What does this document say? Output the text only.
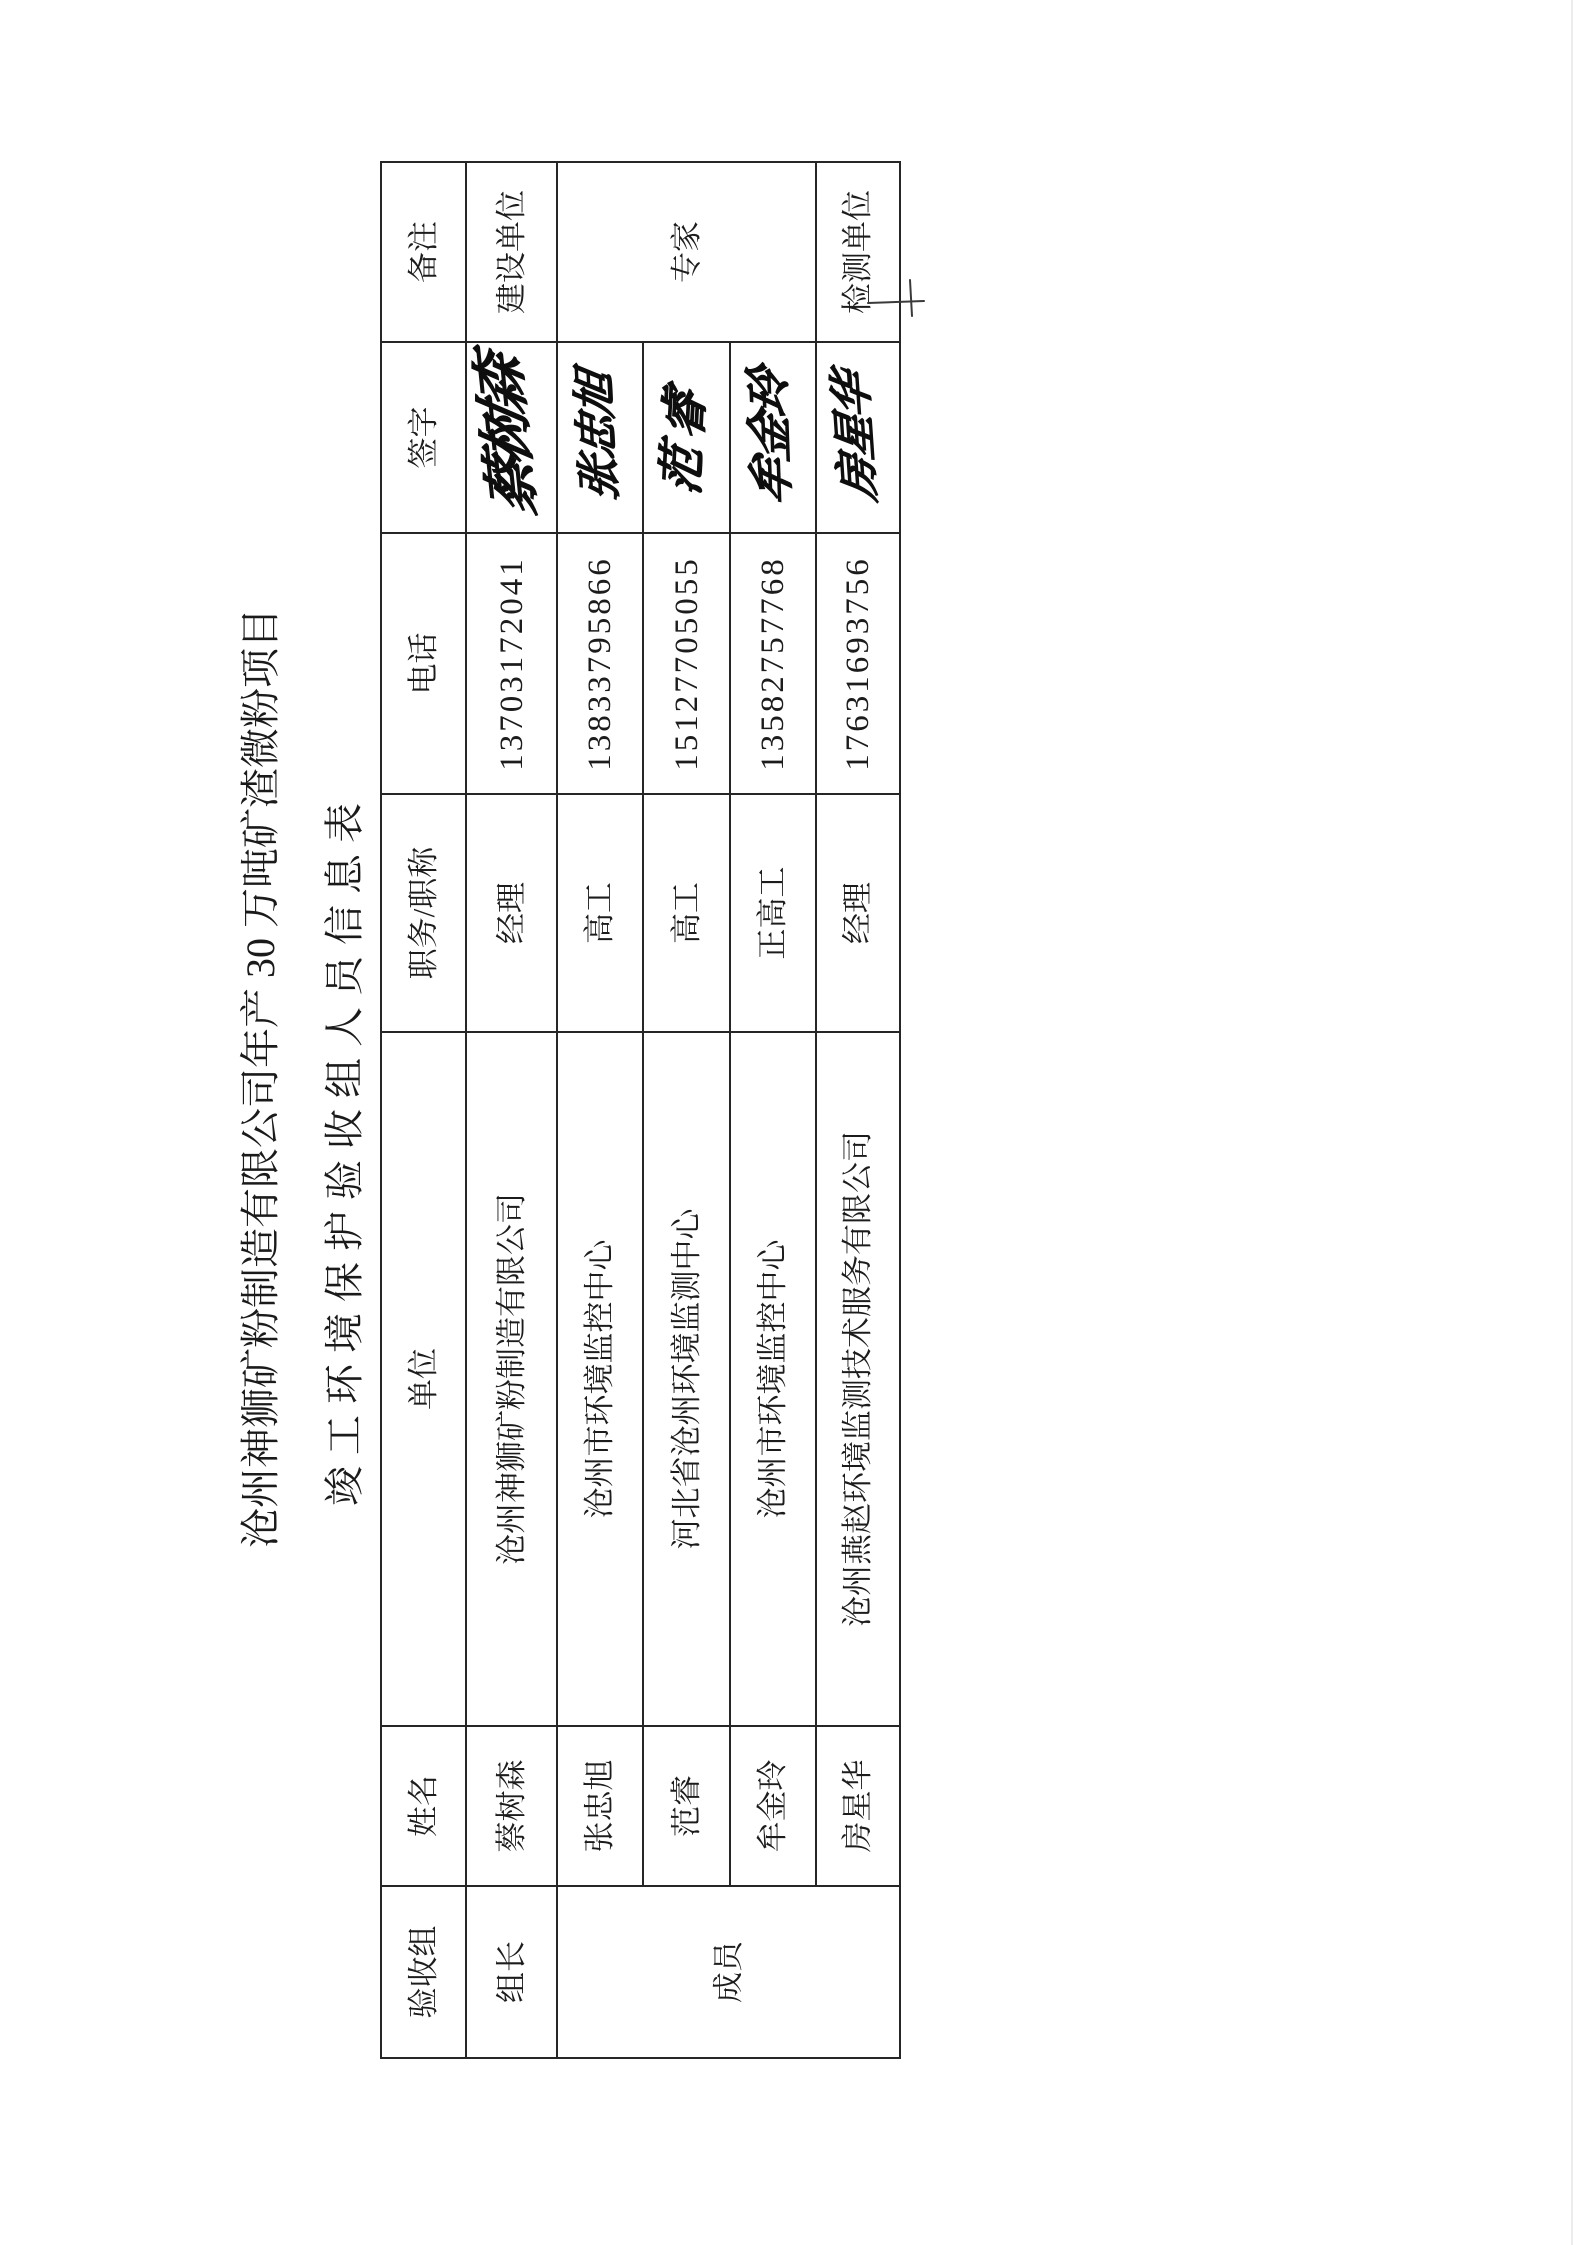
沧州神狮矿粉制造有限公司年产 30 万吨矿渣微粉项目 竣工环境保护验收组人员信息表
验收组	姓名	单位	职务/职称	电话	签字	备注
组长	蔡树森	沧州神狮矿粉制造有限公司	经理	13703172041	蔡树森	建设单位
成员	张忠旭	沧州市环境监控中心	高工	13833795866	张忠旭	专家
	范睿	河北省沧州环境监测中心	高工	15127705055	范睿	
	牟金玲	沧州市环境监控中心	正高工	13582757768	牟金玲	
	房星华	沧州燕赵环境监测技术服务有限公司	经理	17631693756	房星华	检测单位
